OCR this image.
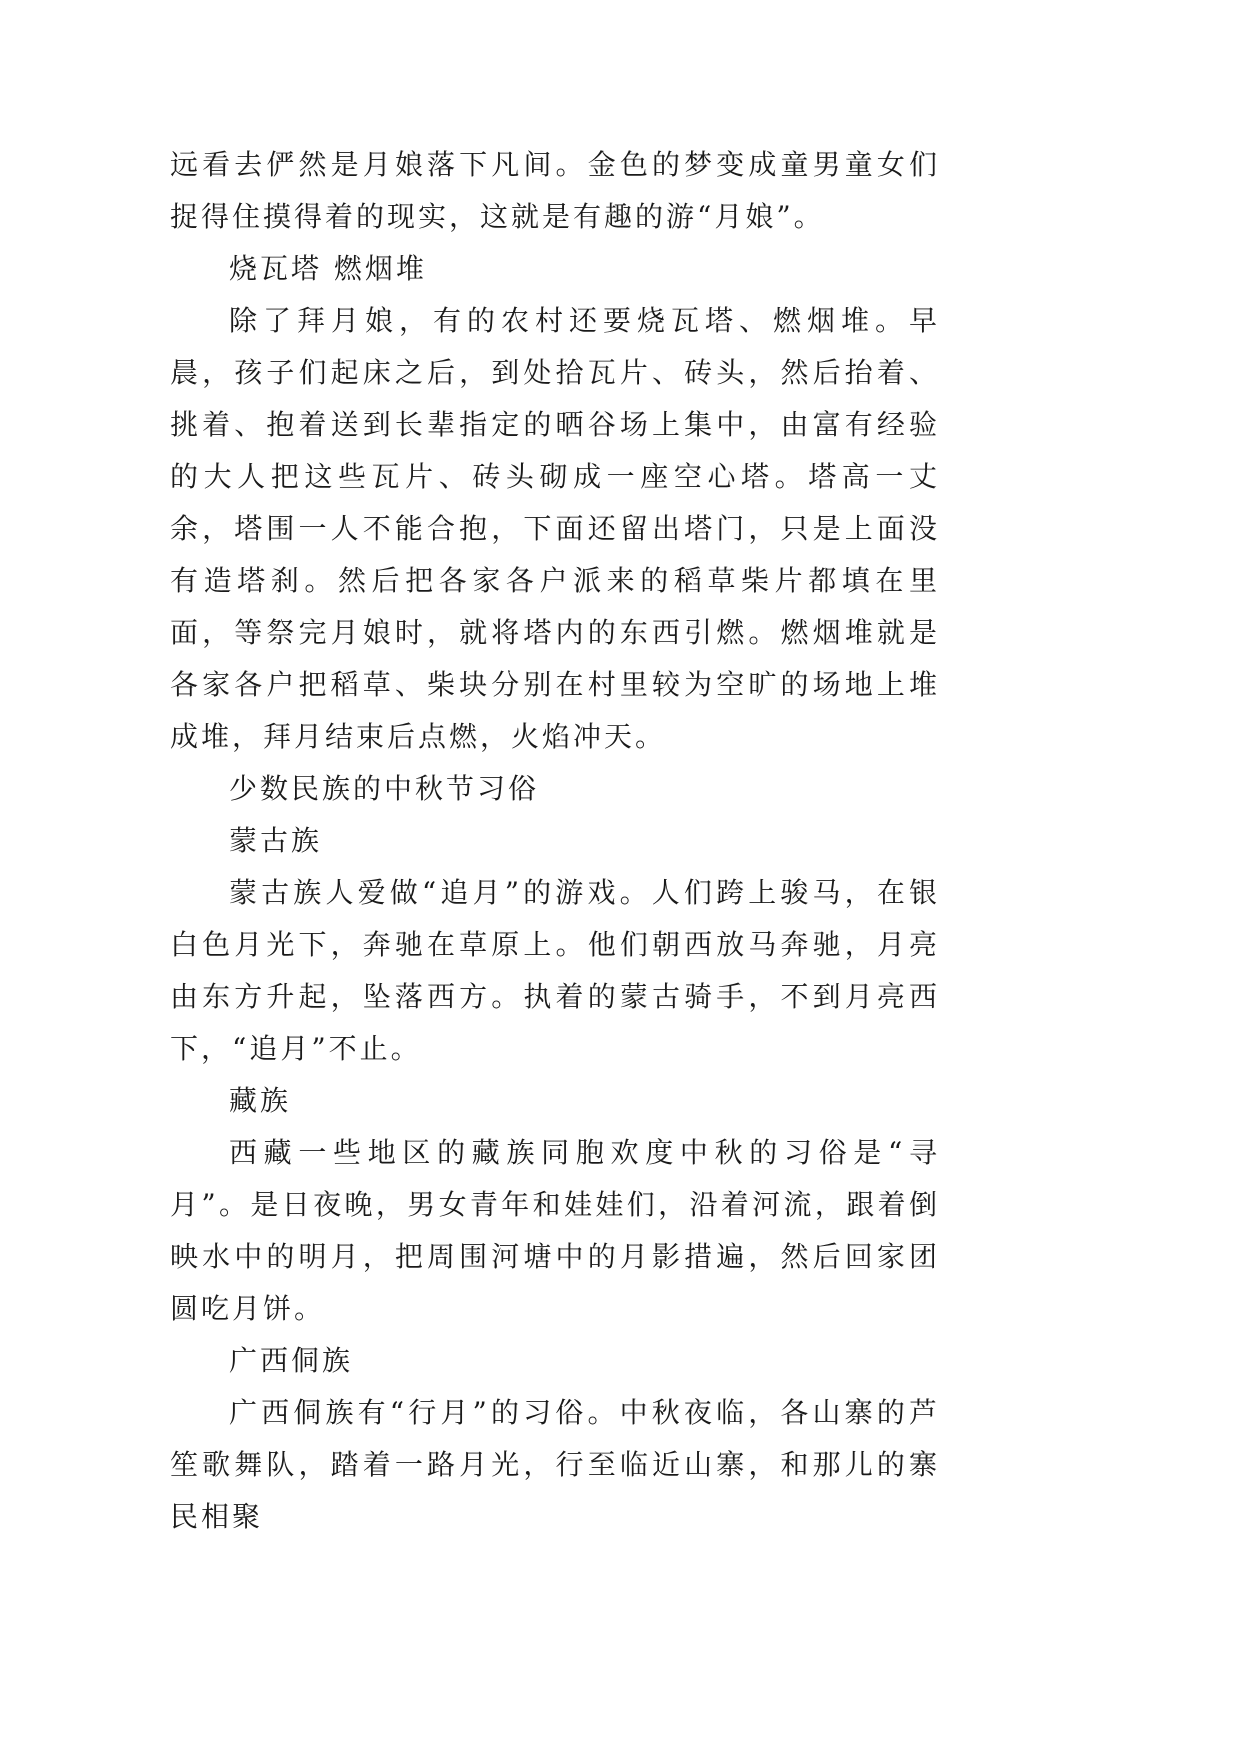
远看去俨然是月娘落下凡间。金色的梦变成童男童女们捉得住摸得着的现实，这就是有趣的游“月娘”。

烧瓦塔 燃烟堆

除了拜月娘，有的农村还要烧瓦塔、燃烟堆。早晨，孩子们起床之后，到处拾瓦片、砖头，然后抬着、挑着、抱着送到长辈指定的晒谷场上集中，由富有经验的大人把这些瓦片、砖头砌成一座空心塔。塔高一丈余，塔围一人不能合抱，下面还留出塔门，只是上面没有造塔刹。然后把各家各户派来的稻草柴片都填在里面，等祭完月娘时，就将塔内的东西引燃。燃烟堆就是各家各户把稻草、柴块分别在村里较为空旷的场地上堆成堆，拜月结束后点燃，火焰冲天。

少数民族的中秋节习俗

蒙古族

蒙古族人爱做“追月”的游戏。人们跨上骏马，在银白色月光下，奔驰在草原上。他们朝西放马奔驰，月亮由东方升起，坠落西方。执着的蒙古骑手，不到月亮西下，“追月”不止。

藏族

西藏一些地区的藏族同胞欢度中秋的习俗是“寻月”。是日夜晚，男女青年和娃娃们，沿着河流，跟着倒映水中的明月，把周围河塘中的月影措遍，然后回家团圆吃月饼。

广西侗族

广西侗族有“行月”的习俗。中秋夜临，各山寨的芦笙歌舞队，踏着一路月光，行至临近山寨，和那儿的寨民相聚
